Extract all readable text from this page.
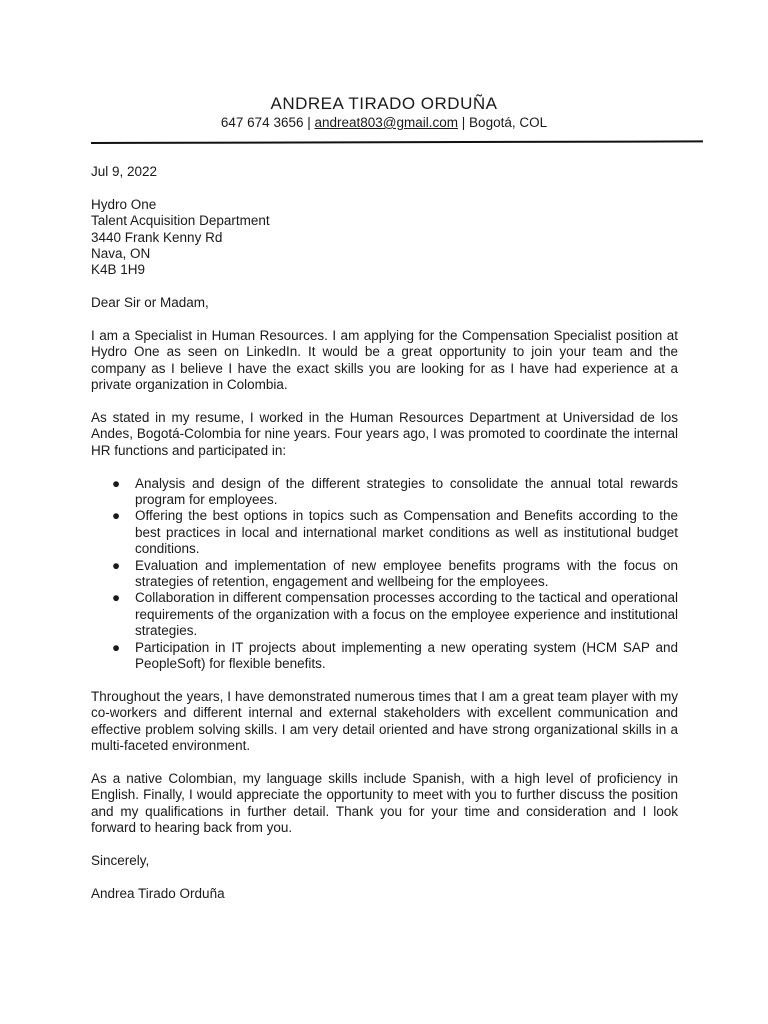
ANDREA TIRADO ORDUÑA
647 674 3656 | andreat803@gmail.com | Bogotá, COL

Jul 9, 2022

Hydro One
Talent Acquisition Department
3440 Frank Kenny Rd
Nava, ON
K4B 1H9

Dear Sir or Madam,

I am a Specialist in Human Resources. I am applying for the Compensation Specialist position at Hydro One as seen on LinkedIn. It would be a great opportunity to join your team and the company as I believe I have the exact skills you are looking for as I have had experience at a private organization in Colombia.

As stated in my resume, I worked in the Human Resources Department at Universidad de los Andes, Bogotá-Colombia for nine years. Four years ago, I was promoted to coordinate the internal HR functions and participated in:

● Analysis and design of the different strategies to consolidate the annual total rewards program for employees.
● Offering the best options in topics such as Compensation and Benefits according to the best practices in local and international market conditions as well as institutional budget conditions.
● Evaluation and implementation of new employee benefits programs with the focus on strategies of retention, engagement and wellbeing for the employees.
● Collaboration in different compensation processes according to the tactical and operational requirements of the organization with a focus on the employee experience and institutional strategies.
● Participation in IT projects about implementing a new operating system (HCM SAP and PeopleSoft) for flexible benefits.

Throughout the years, I have demonstrated numerous times that I am a great team player with my co-workers and different internal and external stakeholders with excellent communication and effective problem solving skills. I am very detail oriented and have strong organizational skills in a multi-faceted environment.

As a native Colombian, my language skills include Spanish, with a high level of proficiency in English. Finally, I would appreciate the opportunity to meet with you to further discuss the position and my qualifications in further detail. Thank you for your time and consideration and I look forward to hearing back from you.

Sincerely,

Andrea Tirado Orduña
